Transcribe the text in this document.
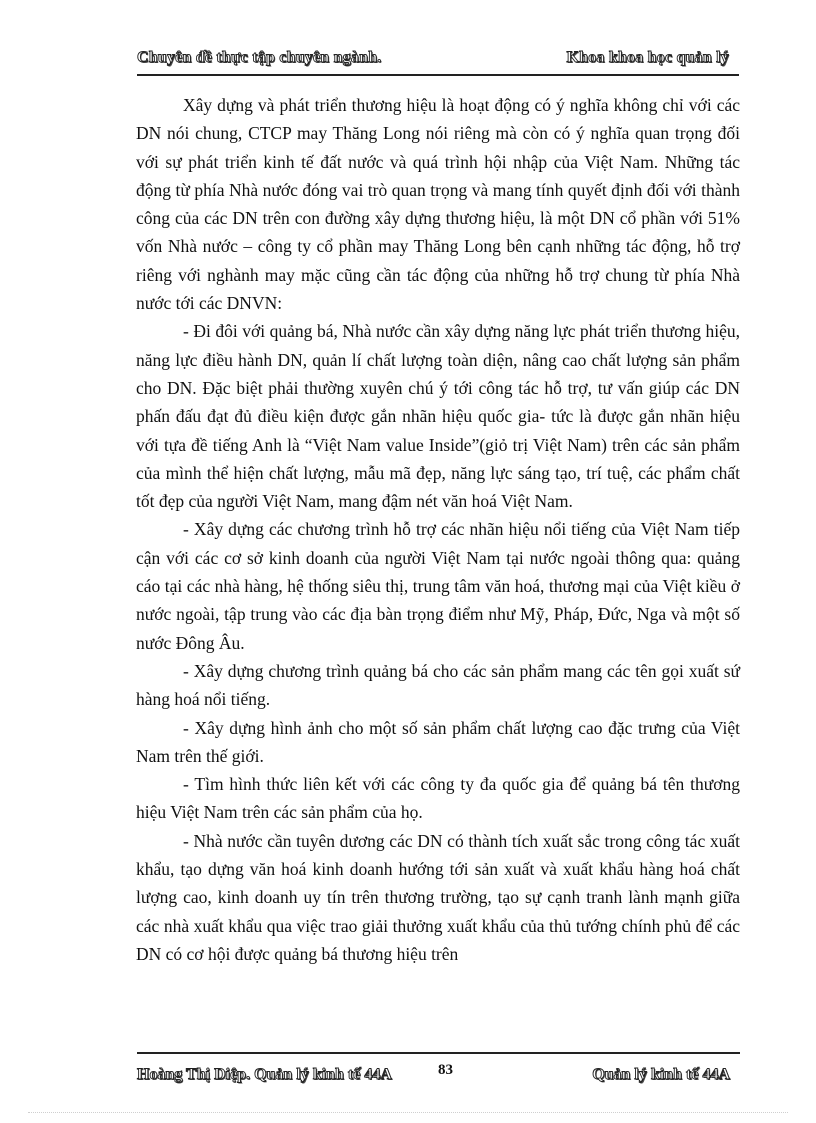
Chuyên đề thực tập chuyên ngành.	Khoa khoa học quản lý

Xây dựng và phát triển thương hiệu là hoạt động có ý nghĩa không chỉ với các DN nói chung, CTCP may Thăng Long nói riêng mà còn có ý nghĩa quan trọng đối với sự phát triển kinh tế đất nước và quá trình hội nhập của Việt Nam. Những tác động từ phía Nhà nước đóng vai trò quan trọng và mang tính quyết định đối với thành công của các DN trên con đường xây dựng thương hiệu, là một DN cổ phần với 51% vốn Nhà nước – công ty cổ phần may Thăng Long bên cạnh những tác động, hỗ trợ riêng với nghành may mặc cũng cần tác động của những hỗ trợ chung từ phía Nhà nước tới các DNVN:

- Đi đôi với quảng bá, Nhà nước cần xây dựng năng lực phát triển thương hiệu, năng lực điều hành DN, quản lí chất lượng toàn diện, nâng cao chất lượng sản phẩm cho DN. Đặc biệt phải thường xuyên chú ý tới công tác hỗ trợ, tư vấn giúp các DN phấn đấu đạt đủ điều kiện được gắn nhãn hiệu quốc gia- tức là được gắn nhãn hiệu với tựa đề tiếng Anh là “Việt Nam value Inside”(giỏ trị Việt Nam) trên các sản phẩm của mình thể hiện chất lượng, mẫu mã đẹp, năng lực sáng tạo, trí tuệ, các phẩm chất tốt đẹp của người Việt Nam, mang đậm nét văn hoá Việt Nam.

- Xây dựng các chương trình hỗ trợ các nhãn hiệu nổi tiếng của Việt Nam tiếp cận với các cơ sở kinh doanh của người Việt Nam tại nước ngoài thông qua: quảng cáo tại các nhà hàng, hệ thống siêu thị, trung tâm văn hoá, thương mại của Việt kiều ở nước ngoài, tập trung vào các địa bàn trọng điểm như Mỹ, Pháp, Đức, Nga và một số nước Đông Âu.

- Xây dựng chương trình quảng bá cho các sản phẩm mang các tên gọi xuất sứ hàng hoá nổi tiếng.

- Xây dựng hình ảnh cho một số sản phẩm chất lượng cao đặc trưng của Việt Nam trên thế giới.

- Tìm hình thức liên kết với các công ty đa quốc gia để quảng bá tên thương hiệu Việt Nam trên các sản phẩm của họ.

- Nhà nước cần tuyên dương các DN có thành tích xuất sắc trong công tác xuất khẩu, tạo dựng văn hoá kinh doanh hướng tới sản xuất và xuất khẩu hàng hoá chất lượng cao, kinh doanh uy tín trên thương trường, tạo sự cạnh tranh lành mạnh giữa các nhà xuất khẩu qua việc trao giải thưởng xuất khẩu của thủ tướng chính phủ để các DN có cơ hội được quảng bá thương hiệu trên

Hoàng Thị Diệp. Quản lý kinh tế 44A	83	Quản lý kinh tế 44A
